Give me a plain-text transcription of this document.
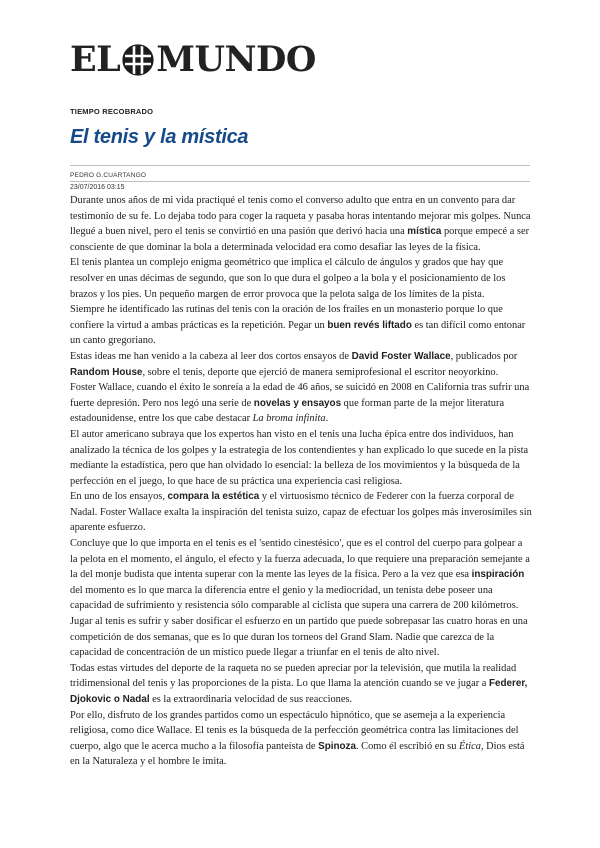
EL MUNDO
TIEMPO RECOBRADO
El tenis y la mística
PEDRO G.CUARTANGO
23/07/2016 03:15

Durante unos años de mi vida practiqué el tenis como el converso adulto que entra en un convento para dar testimonio de su fe. Lo dejaba todo para coger la raqueta y pasaba horas intentando mejorar mis golpes. Nunca llegué a buen nivel, pero el tenis se convirtió en una pasión que derivó hacia una mística porque empecé a ser consciente de que dominar la bola a determinada velocidad era como desafiar las leyes de la física.

El tenis plantea un complejo enigma geométrico que implica el cálculo de ángulos y grados que hay que resolver en unas décimas de segundo, que son lo que dura el golpeo a la bola y el posicionamiento de los brazos y los pies. Un pequeño margen de error provoca que la pelota salga de los límites de la pista.

Siempre he identificado las rutinas del tenis con la oración de los frailes en un monasterio porque lo que confiere la virtud a ambas prácticas es la repetición. Pegar un buen revés liftado es tan difícil como entonar un canto gregoriano.

Estas ideas me han venido a la cabeza al leer dos cortos ensayos de David Foster Wallace, publicados por Random House, sobre el tenis, deporte que ejerció de manera semiprofesional el escritor neoyorkino.

Foster Wallace, cuando el éxito le sonreía a la edad de 46 años, se suicidó en 2008 en California tras sufrir una fuerte depresión. Pero nos legó una serie de novelas y ensayos que forman parte de la mejor literatura estadounidense, entre los que cabe destacar La broma infinita.

El autor americano subraya que los expertos han visto en el tenis una lucha épica entre dos individuos, han analizado la técnica de los golpes y la estrategia de los contendientes y han explicado lo que sucede en la pista mediante la estadística, pero que han olvidado lo esencial: la belleza de los movimientos y la búsqueda de la perfección en el juego, lo que hace de su práctica una experiencia casi religiosa.

En uno de los ensayos, compara la estética y el virtuosismo técnico de Federer con la fuerza corporal de Nadal. Foster Wallace exalta la inspiración del tenista suizo, capaz de efectuar los golpes más inverosímiles sin aparente esfuerzo.

Concluye que lo que importa en el tenis es el 'sentido cinestésico', que es el control del cuerpo para golpear a la pelota en el momento, el ángulo, el efecto y la fuerza adecuada, lo que requiere una preparación semejante a la del monje budista que intenta superar con la mente las leyes de la física. Pero a la vez que esa inspiración del momento es lo que marca la diferencia entre el genio y la mediocridad, un tenista debe poseer una capacidad de sufrimiento y resistencia sólo comparable al ciclista que supera una carrera de 200 kilómetros.

Jugar al tenis es sufrir y saber dosificar el esfuerzo en un partido que puede sobrepasar las cuatro horas en una competición de dos semanas, que es lo que duran los torneos del Grand Slam. Nadie que carezca de la capacidad de concentración de un místico puede llegar a triunfar en el tenis de alto nivel.

Todas estas virtudes del deporte de la raqueta no se pueden apreciar por la televisión, que mutila la realidad tridimensional del tenis y las proporciones de la pista. Lo que llama la atención cuando se ve jugar a Federer, Djokovic o Nadal es la extraordinaria velocidad de sus reacciones.

Por ello, disfruto de los grandes partidos como un espectáculo hipnótico, que se asemeja a la experiencia religiosa, como dice Wallace. El tenis es la búsqueda de la perfección geométrica contra las limitaciones del cuerpo, algo que le acerca mucho a la filosofía panteísta de Spinoza. Como él escribió en su Ética, Dios está en la Naturaleza y el hombre le imita.
